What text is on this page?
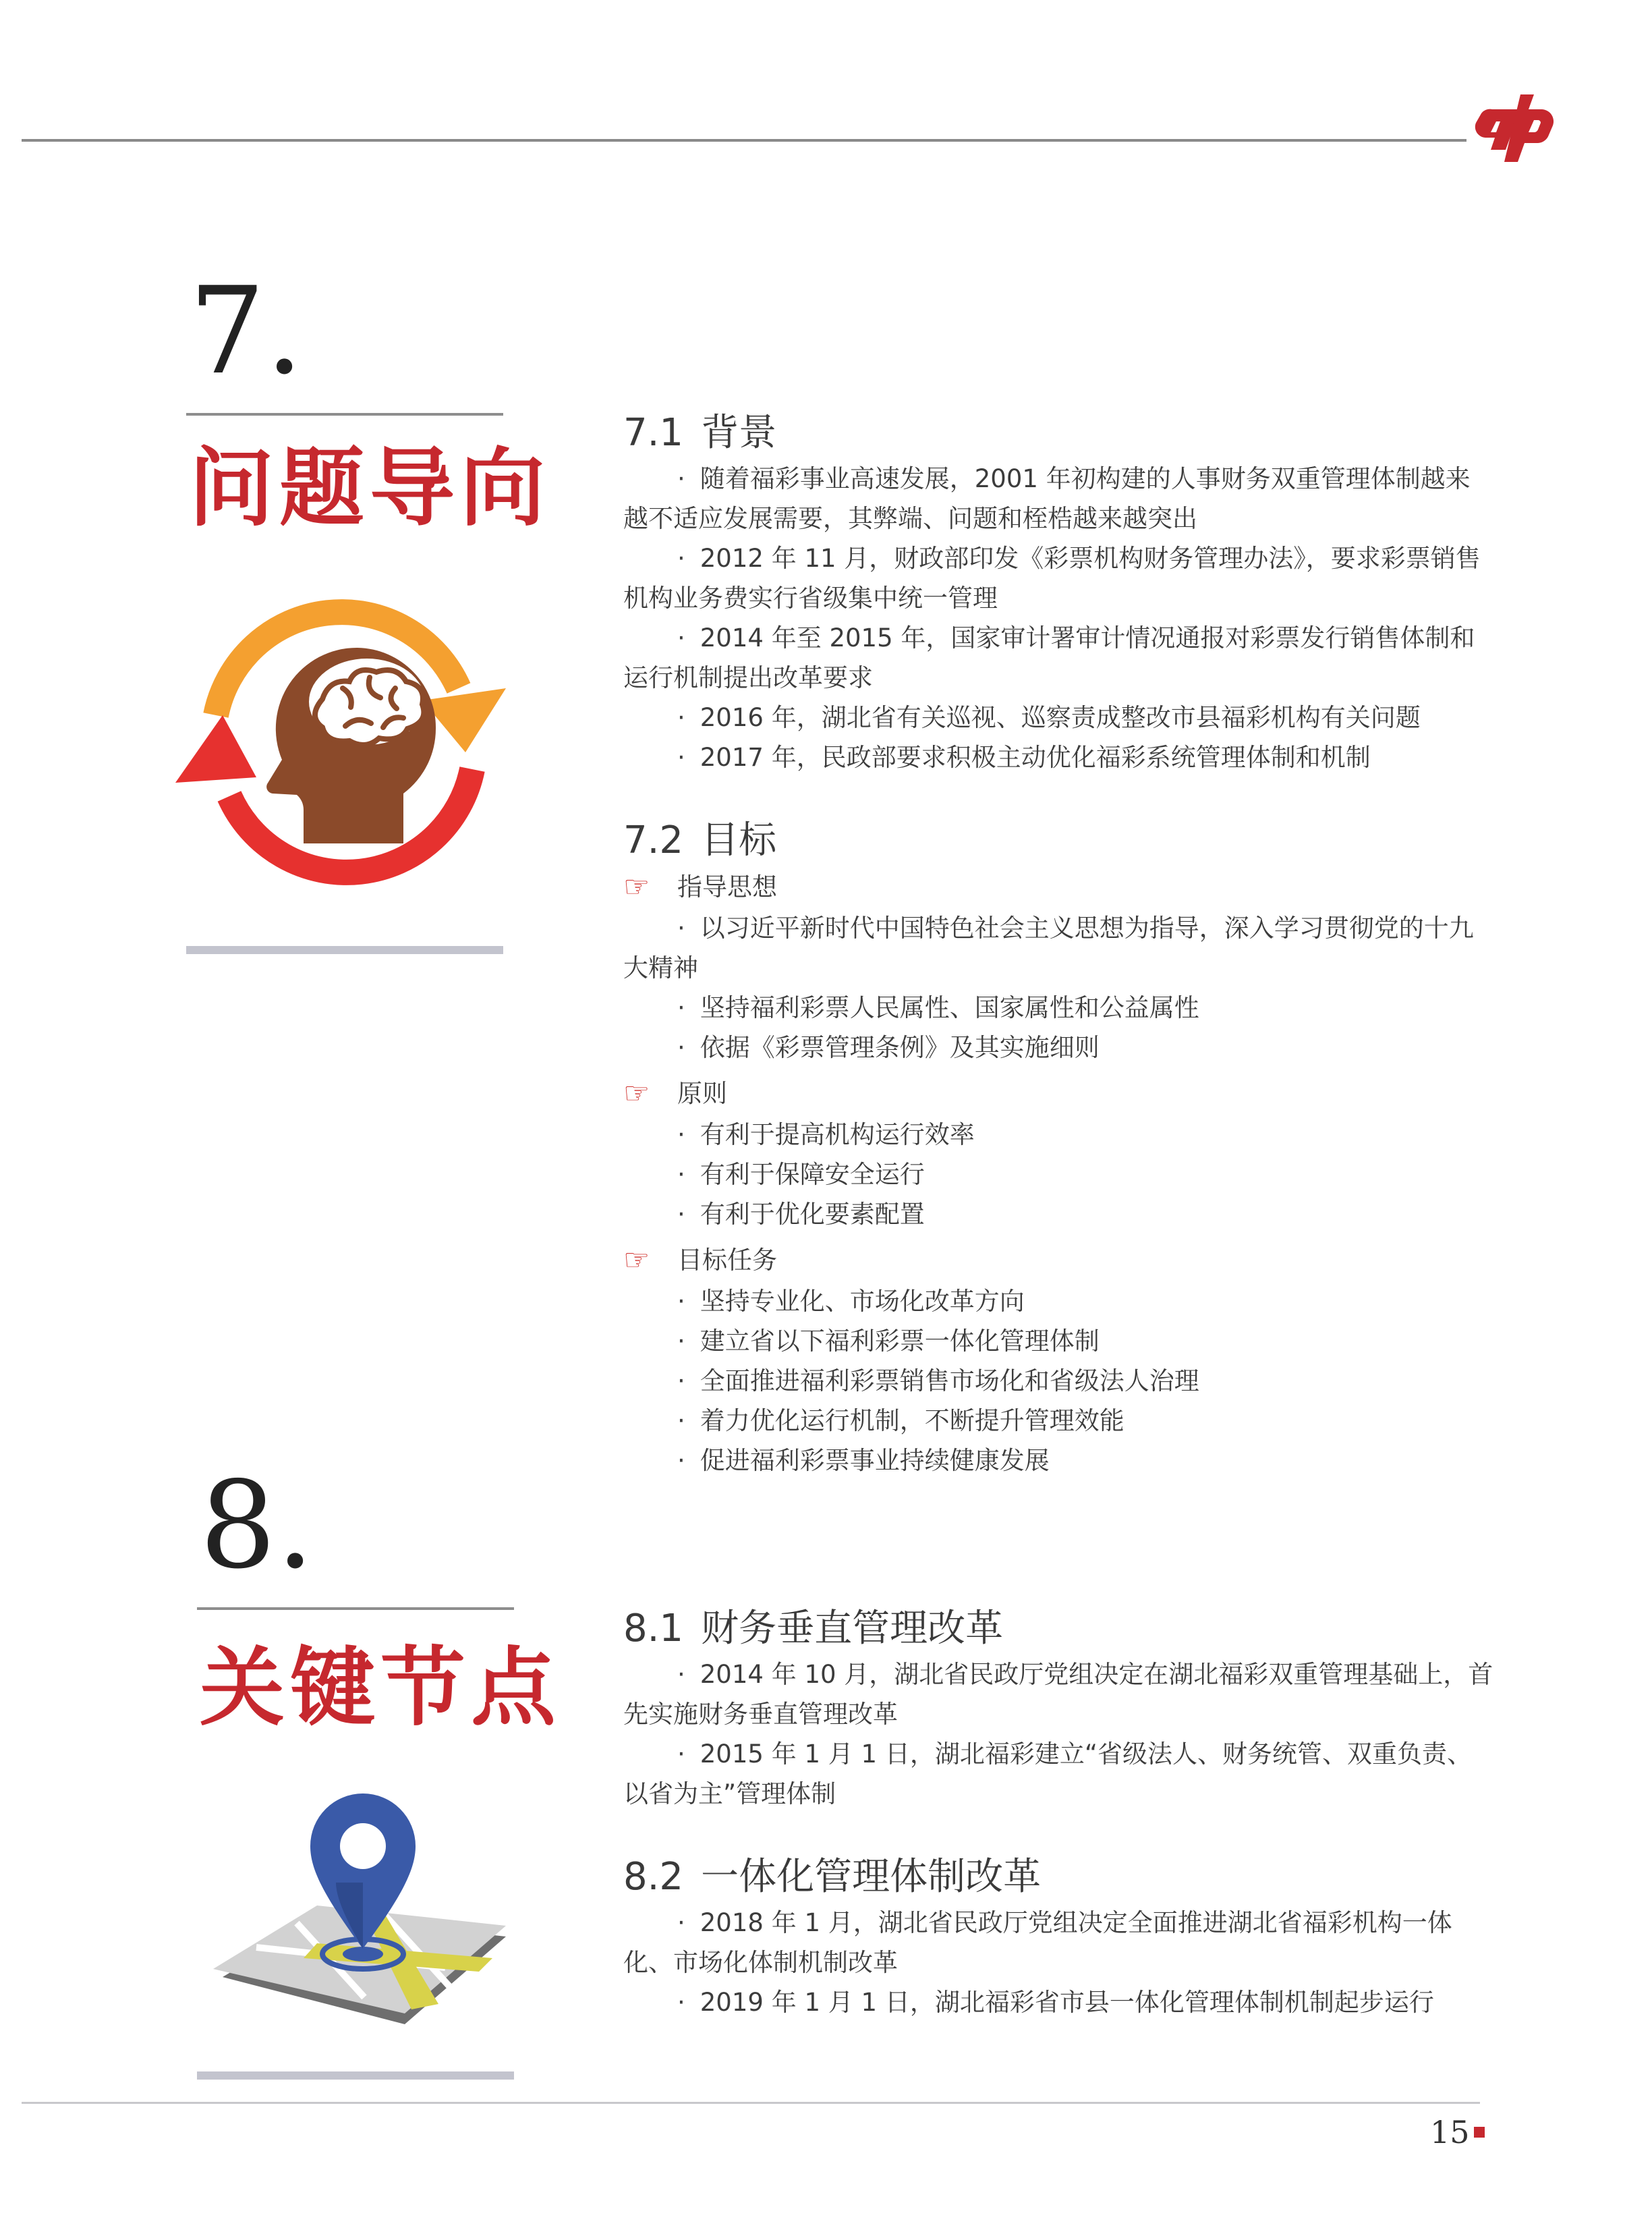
7.
问题导向
7.1 背景

· 随着福彩事业高速发展，2001 年初构建的人事财务双重管理体制越来越不适应发展需要，其弊端、问题和桎梏越来越突出

· 2012 年 11 月，财政部印发《彩票机构财务管理办法》，要求彩票销售机构业务费实行省级集中统一管理

· 2014 年至 2015 年，国家审计署审计情况通报对彩票发行销售体制和运行机制提出改革要求

· 2016 年，湖北省有关巡视、巡察责成整改市县福彩机构有关问题

· 2017 年，民政部要求积极主动优化福彩系统管理体制和机制

7.2 目标

☞	指导思想

· 以习近平新时代中国特色社会主义思想为指导，深入学习贯彻党的十九大精神

· 坚持福利彩票人民属性、国家属性和公益属性

· 依据《彩票管理条例》及其实施细则

☞	原则

· 有利于提高机构运行效率

· 有利于保障安全运行

· 有利于优化要素配置

☞	目标任务

· 坚持专业化、市场化改革方向

· 建立省以下福利彩票一体化管理体制

· 全面推进福利彩票销售市场化和省级法人治理

· 着力优化运行机制，不断提升管理效能

· 促进福利彩票事业持续健康发展

8.
关键节点
8.1 财务垂直管理改革

· 2014 年 10 月，湖北省民政厅党组决定在湖北福彩双重管理基础上，首先实施财务垂直管理改革

· 2015 年 1 月 1 日，湖北福彩建立“省级法人、财务统管、双重负责、以省为主”管理体制

8.2 一体化管理体制改革

· 2018 年 1 月，湖北省民政厅党组决定全面推进湖北省福彩机构一体化、市场化体制机制改革

· 2019 年 1 月 1 日，湖北福彩省市县一体化管理体制机制起步运行

15
